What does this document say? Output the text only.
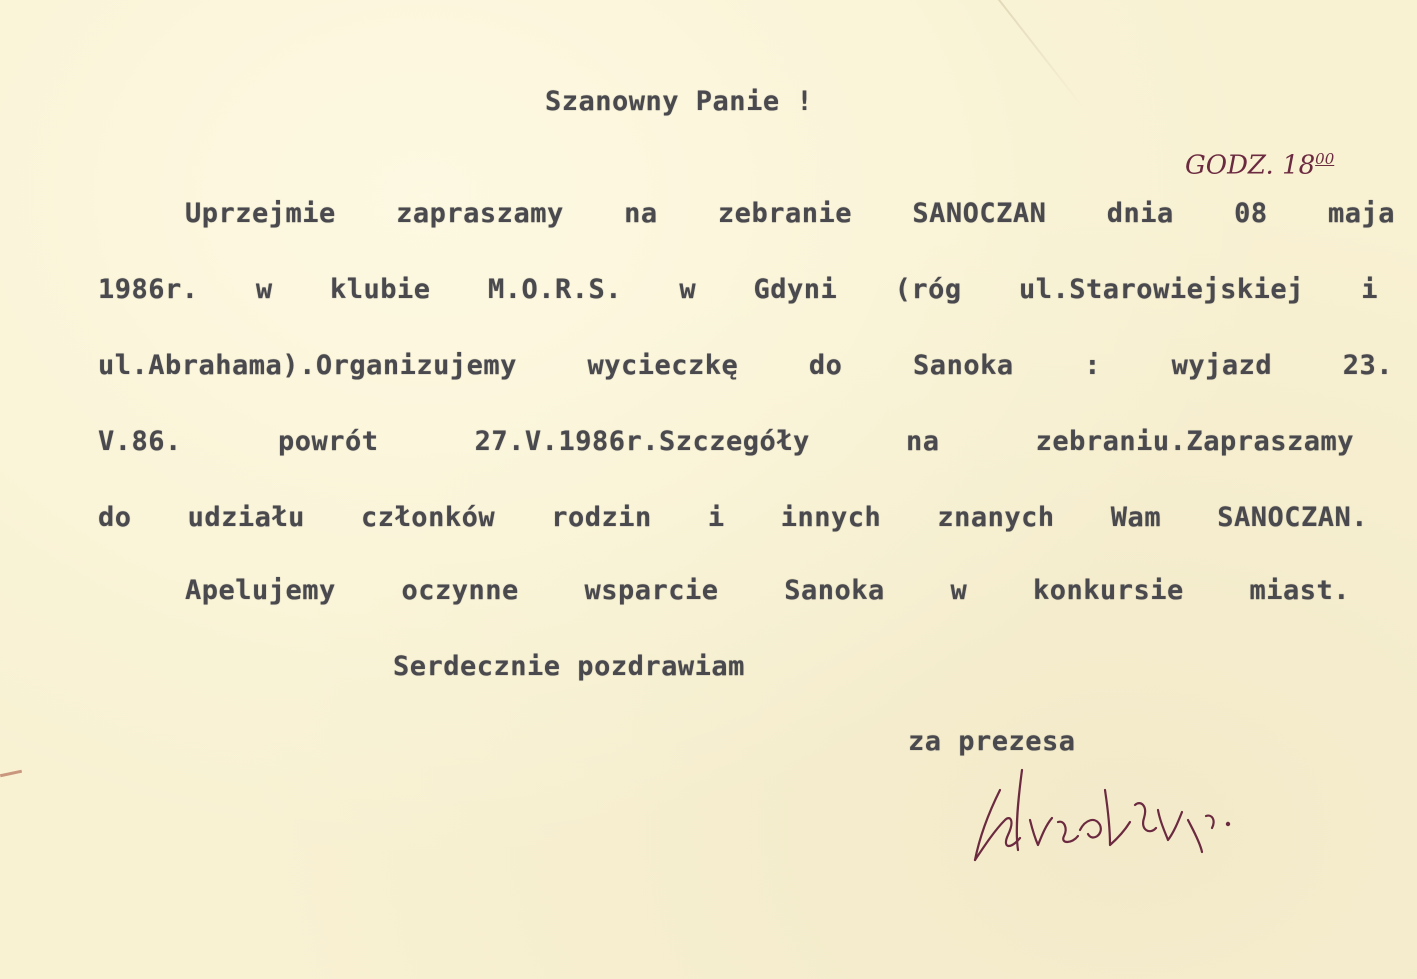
Szanowny Panie !
GODZ. $18^{00}$
Uprzejmie zapraszamy na zebranie SANOCZAN dnia 08 maja
1986r. w klubie M.O.R.S. w Gdyni (róg ul.Starowiejskiej i
ul.Abrahama).Organizujemy wycieczkę do Sanoka : wyjazd 23.
V.86. powrót 27.V.1986r.Szczegóły na zebraniu.Zapraszamy
do udziału członków rodzin i innych znanych Wam SANOCZAN.
Apelujemy oczynne wsparcie Sanoka w konkursie miast.
Serdecznie pozdrawiam
za prezesa
